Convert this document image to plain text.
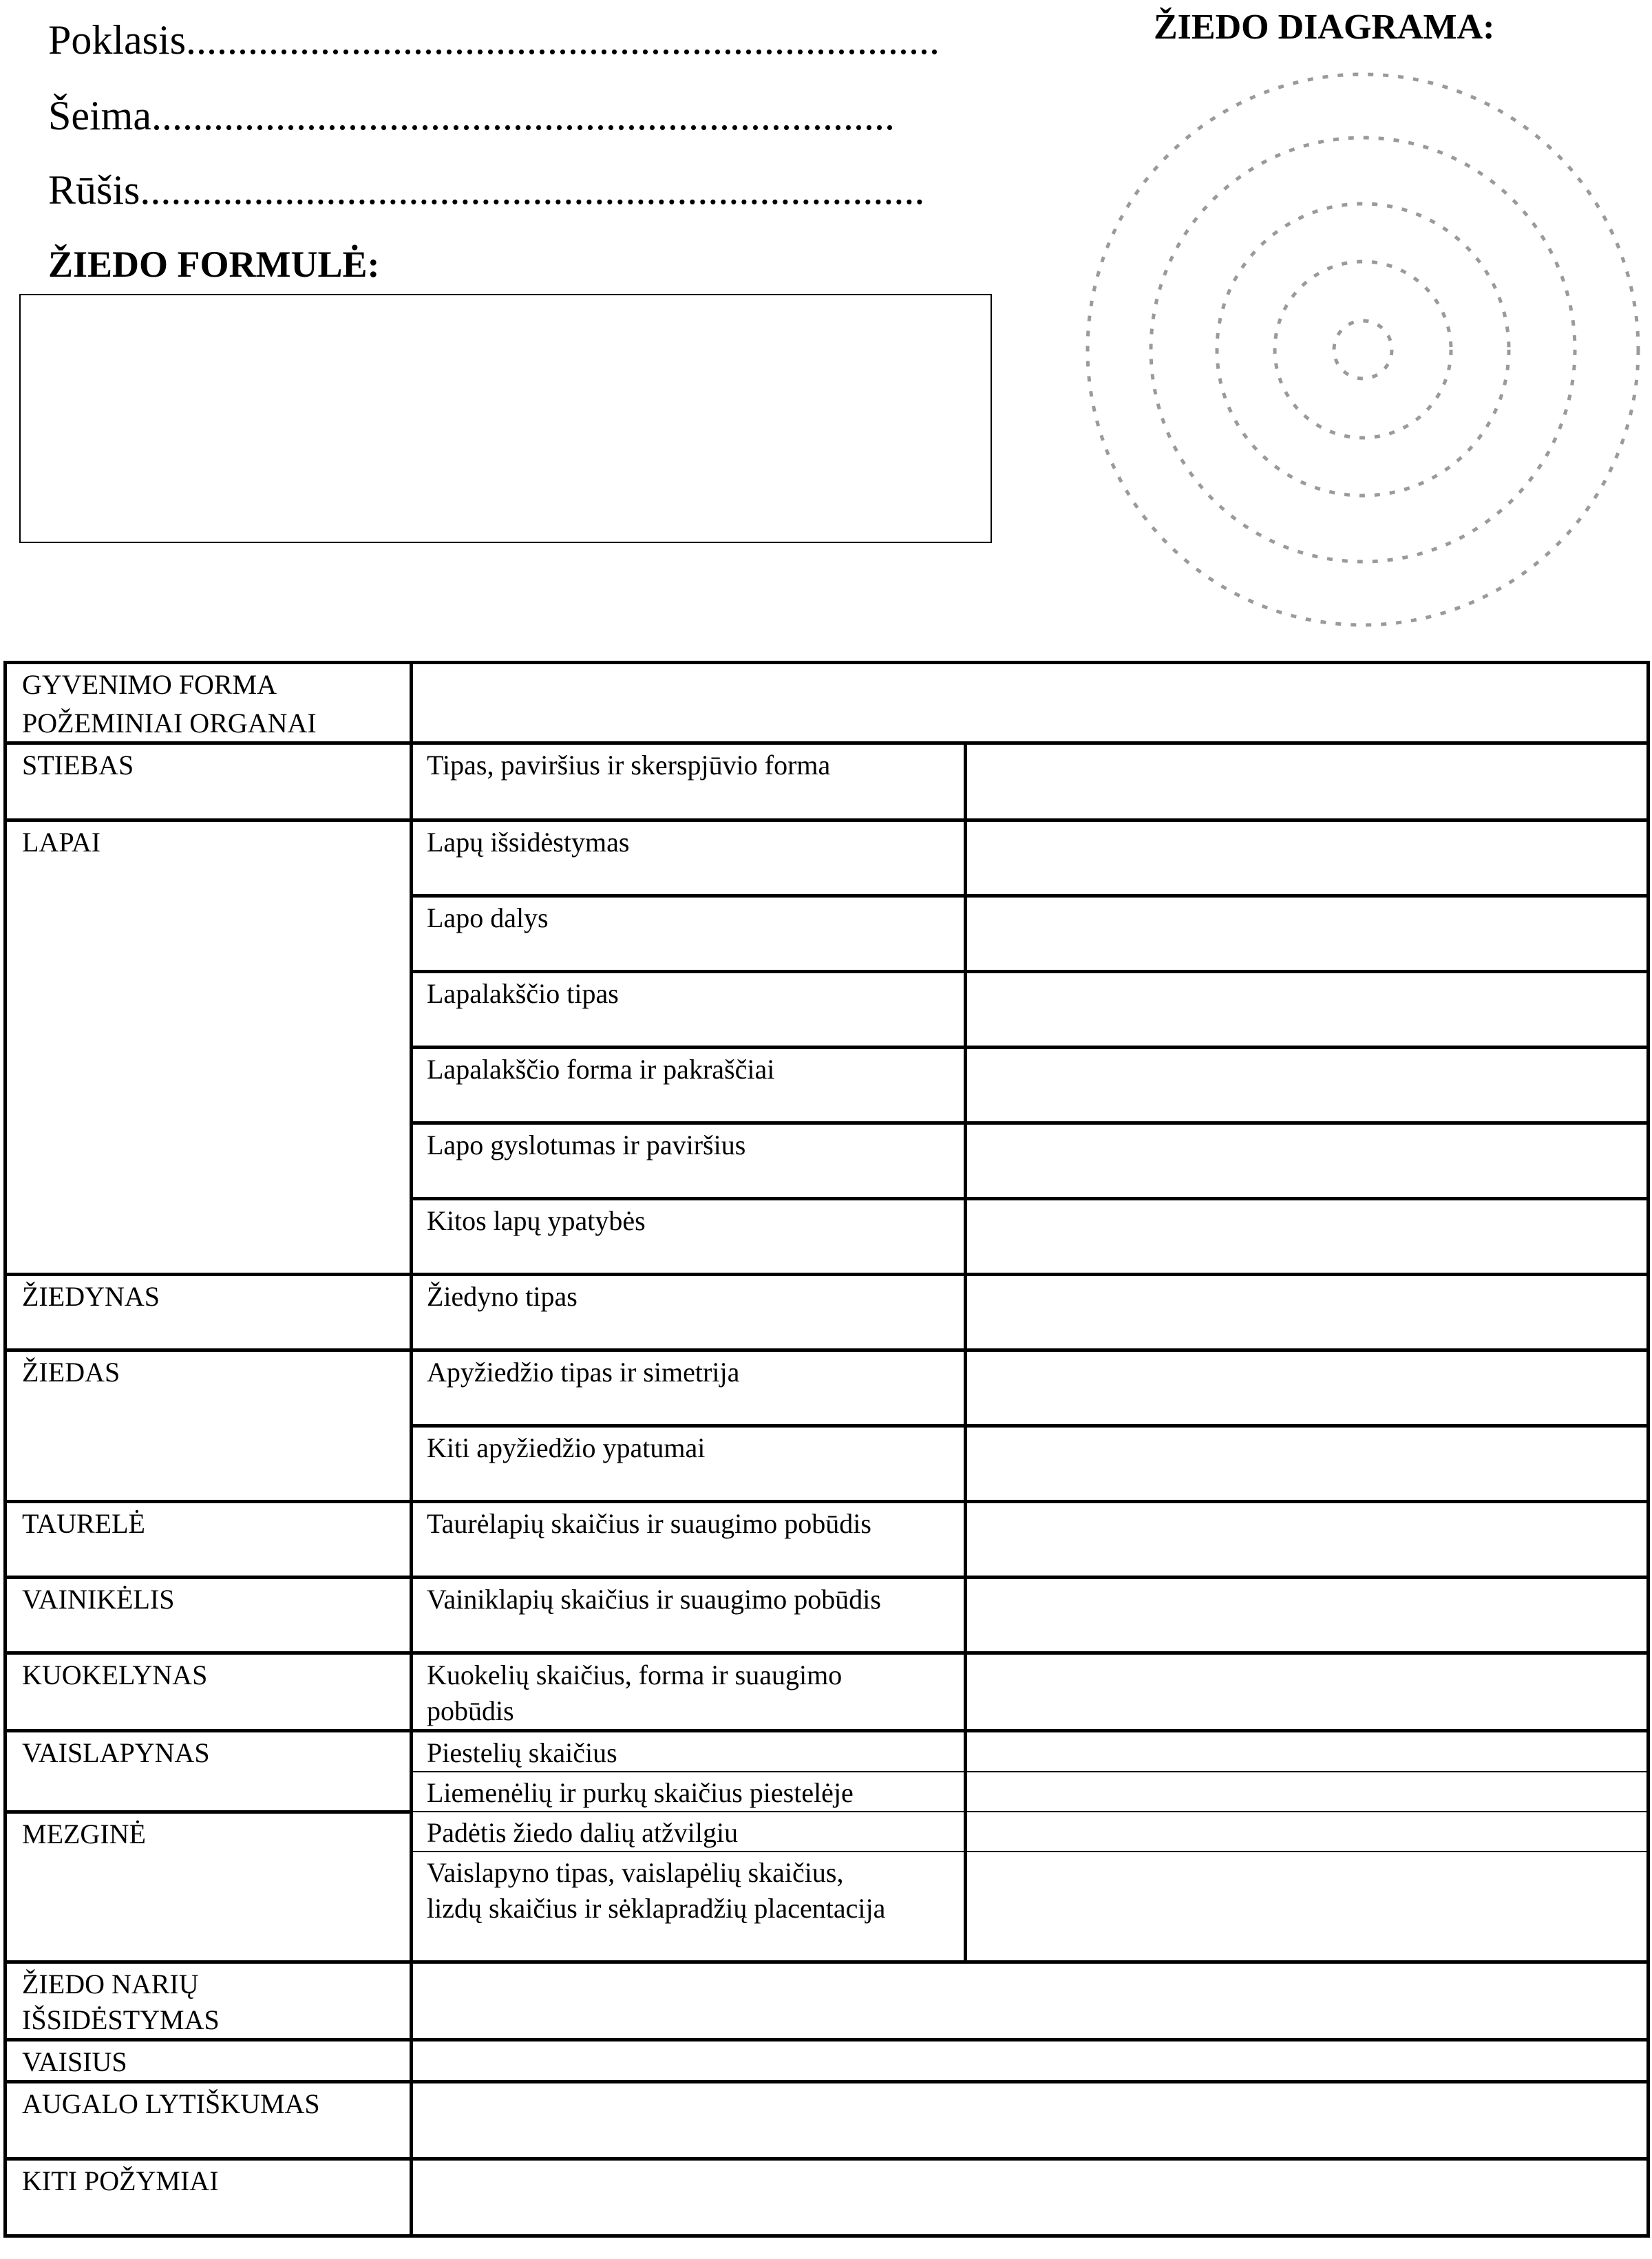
Poklasis.........................................................................
Šeima........................................................................
Rūšis............................................................................
ŽIEDO FORMULĖ:
ŽIEDO DIAGRAMA:
GYVENIMO FORMA		
POŽEMINIAI ORGANAI		
STIEBAS	Tipas, paviršius ir skerspjūvio forma	
LAPAI	Lapų išsidėstymas	
	Lapo dalys	
	Lapalakščio tipas	
	Lapalakščio forma ir pakraščiai	
	Lapo gyslotumas ir paviršius	
	Kitos lapų ypatybės	
ŽIEDYNAS	Žiedyno tipas	
ŽIEDAS	Apyžiedžio tipas ir simetrija	
	Kiti apyžiedžio ypatumai	
TAURELĖ	Taurėlapių skaičius ir suaugimo pobūdis	
VAINIKĖLIS	Vainiklapių skaičius ir suaugimo pobūdis	
KUOKELYNAS	Kuokelių skaičius, forma ir suaugimo
pobūdis	

VAISLAPYNAS	Piestelių skaičius	
	Liemenėlių ir purkų skaičius piestelėje	
MEZGINĖ	Padėtis žiedo dalių atžvilgiu	

	Vaislapyno tipas, vaislapėlių skaičius,
lizdų skaičius ir sėklapradžių placentacija	

ŽIEDO NARIŲ
IŠSIDĖSTYMAS		

VAISIUS		
AUGALO LYTIŠKUMAS		
KITI POŽYMIAI		
